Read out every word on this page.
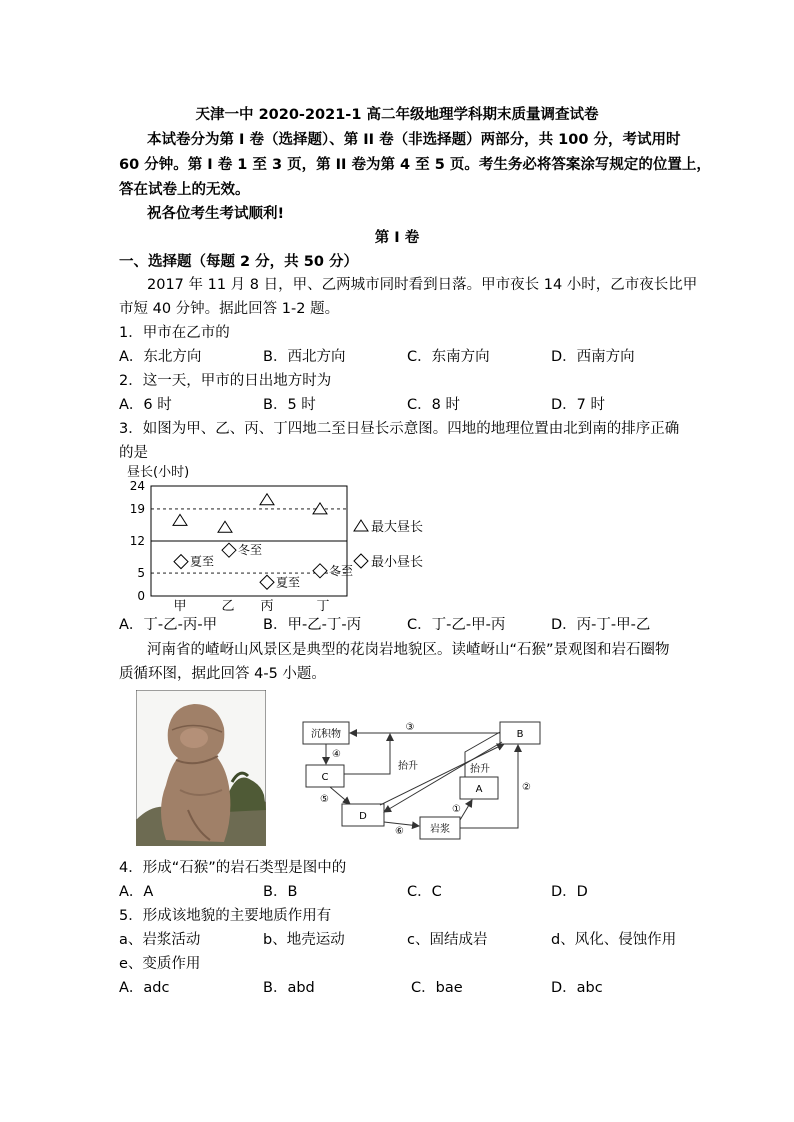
天津一中 2020-2021-1 高二年级地理学科期末质量调查试卷
本试卷分为第 I 卷（选择题）、第 II 卷（非选择题）两部分，共 100 分，考试用时
60 分钟。第 I 卷 1 至 3 页，第 II 卷为第 4 至 5 页。考生务必将答案涂写规定的位置上，
答在试卷上的无效。
祝各位考生考试顺利!
第 I 卷
一、选择题（每题 2 分，共 50 分）
2017 年 11 月 8 日，甲、乙两城市同时看到日落。甲市夜长 14 小时，乙市夜长比甲
市短 40 分钟。据此回答 1-2 题。
1．甲市在乙市的
A．东北方向	B．西北方向	C．东南方向	D．西南方向
2．这一天，甲市的日出地方时为
A．6 时	B．5 时	C．8 时	D．7 时
3．如图为甲、乙、丙、丁四地二至日昼长示意图。四地的地理位置由北到南的排序正确
的是
昼长(小时)
24
19
12
5
0
甲	乙 丙	丁
夏至
冬至
夏至
冬至
最大昼长
最小昼长
A．丁-乙-丙-甲	B．甲-乙-丁-丙	C．丁-乙-甲-丙	D．丙-丁-甲-乙
河南省的嵖岈山风景区是典型的花岗岩地貌区。读嵖岈山“石猴”景观图和岩石圈物
质循环图，据此回答 4-5 小题。
沉积物	B
C
A
D
岩浆
③
④
⑤
⑥
①
②
抬升	抬升
4．形成“石猴”的岩石类型是图中的
A．A	B．B	C．C	D．D
5．形成该地貌的主要地质作用有
a、岩浆活动	b、地壳运动	c、固结成岩	d、风化、侵蚀作用
e、变质作用
A．adc	B．abd	C．bae	D．abc
